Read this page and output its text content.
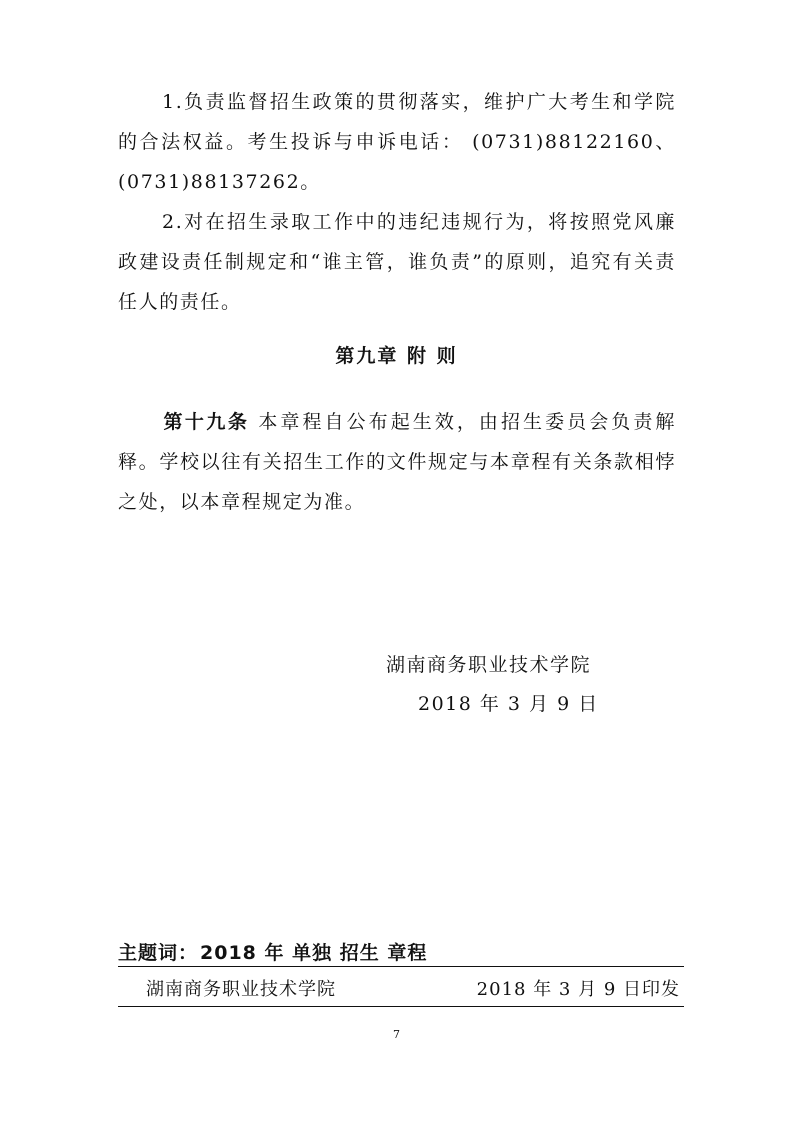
1.负责监督招生政策的贯彻落实，维护广大考生和学院的合法权益。考生投诉与申诉电话： (0731)88122160、(0731)88137262。

2.对在招生录取工作中的违纪违规行为，将按照党风廉政建设责任制规定和“谁主管，谁负责”的原则，追究有关责任人的责任。

第九章 附 则

第十九条 本章程自公布起生效，由招生委员会负责解释。学校以往有关招生工作的文件规定与本章程有关条款相悖之处，以本章程规定为准。

湖南商务职业技术学院
2018 年 3 月 9 日

主题词： 2018 年 单独 招生 章程

湖南商务职业技术学院	2018 年 3 月 9 日印发
7
